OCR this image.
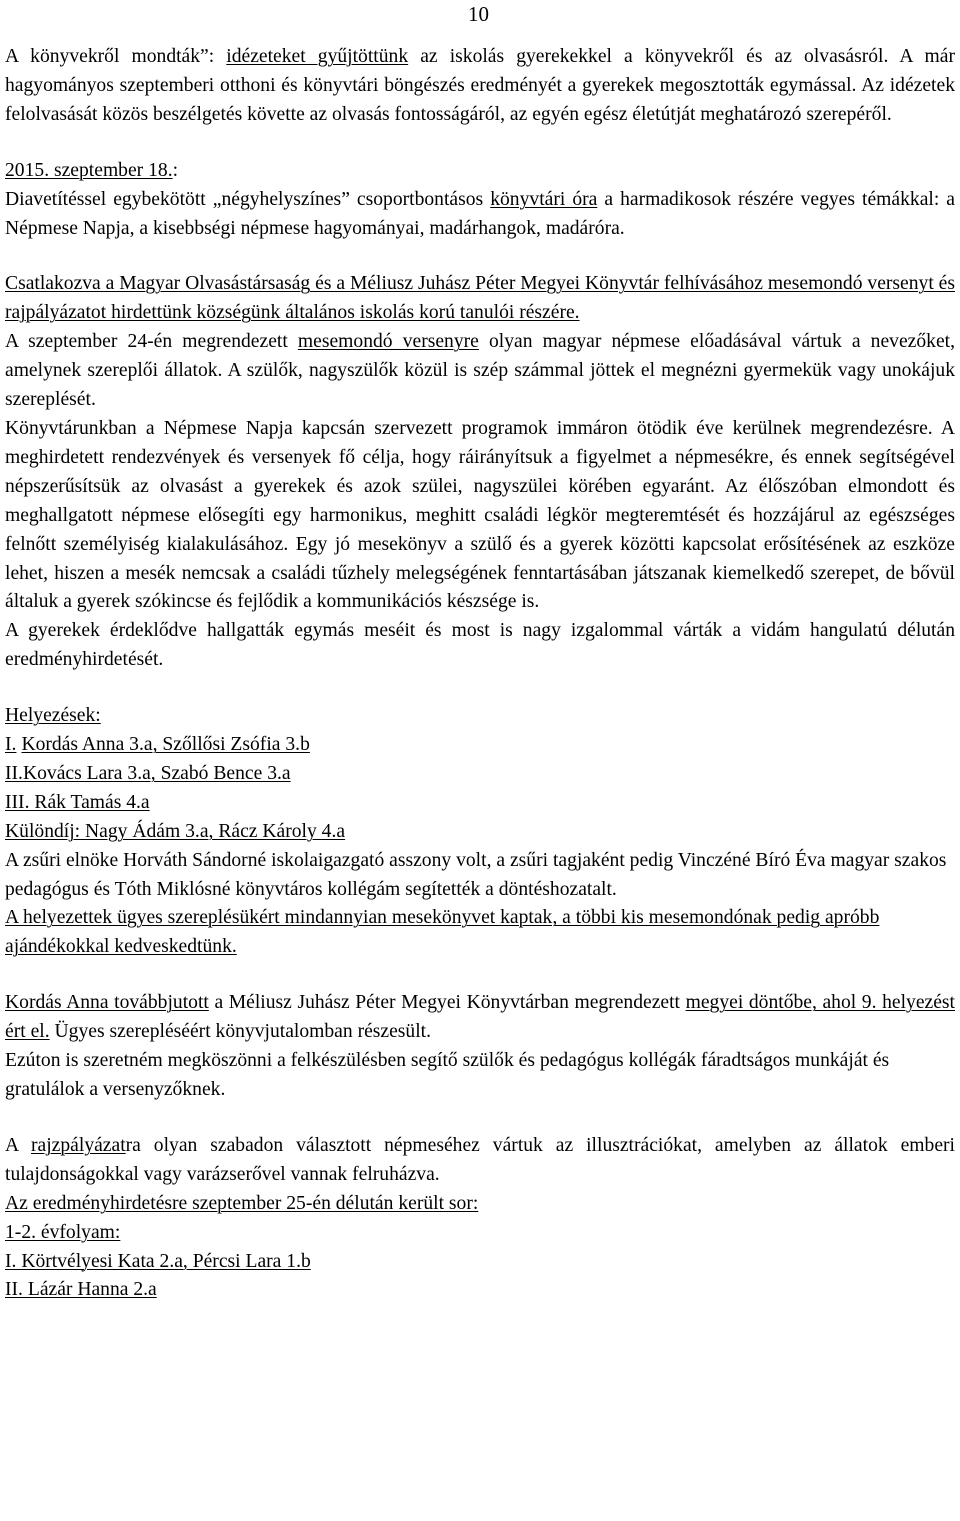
10

A könyvekről mondták”: idézeteket gyűjtöttünk az iskolás gyerekekkel a könyvekről és az olvasásról. A már hagyományos szeptemberi otthoni és könyvtári böngészés eredményét a gyerekek megosztották egymással. Az idézetek felolvasását közös beszélgetés követte az olvasás fontosságáról, az egyén egész életútját meghatározó szerepéről.

2015. szeptember 18.:

Diavetítéssel egybekötött „négyhelyszínes” csoportbontásos könyvtári óra a harmadikosok részére vegyes témákkal: a Népmese Napja, a kisebbségi népmese hagyományai, madárhangok, madáróra.

Csatlakozva a Magyar Olvasástársaság és a Méliusz Juhász Péter Megyei Könyvtár felhívásához mesemondó versenyt és rajpályázatot hirdettünk községünk általános iskolás korú tanulói részére.

A szeptember 24-én megrendezett mesemondó versenyre olyan magyar népmese előadásával vártuk a nevezőket, amelynek szereplői állatok. A szülők, nagyszülők közül is szép számmal jöttek el megnézni gyermekük vagy unokájuk szereplését.

Könyvtárunkban a Népmese Napja kapcsán szervezett programok immáron ötödik éve kerülnek megrendezésre. A meghirdetett rendezvények és versenyek fő célja, hogy ráirányítsuk a figyelmet a népmesékre, és ennek segítségével népszerűsítsük az olvasást a gyerekek és azok szülei, nagyszülei körében egyaránt. Az élőszóban elmondott és meghallgatott népmese elősegíti egy harmonikus, meghitt családi légkör megteremtését és hozzájárul az egészséges felnőtt személyiség kialakulásához. Egy jó mesekönyv a szülő és a gyerek közötti kapcsolat erősítésének az eszköze lehet, hiszen a mesék nemcsak a családi tűzhely melegségének fenntartásában játszanak kiemelkedő szerepet, de bővül általuk a gyerek szókincse és fejlődik a kommunikációs készsége is.

A gyerekek érdeklődve hallgatták egymás meséit és most is nagy izgalommal várták a vidám hangulatú délután eredményhirdetését.

Helyezések:

I. Kordás Anna 3.a, Szőllősi Zsófia 3.b

II.Kovács Lara 3.a, Szabó Bence 3.a

III. Rák Tamás 4.a

Különdíj: Nagy Ádám 3.a, Rácz Károly 4.a

A zsűri elnöke Horváth Sándorné iskolaigazgató asszony volt, a zsűri tagjaként pedig Vinczéné Bíró Éva magyar szakos pedagógus és Tóth Miklósné könyvtáros kollégám segítették a döntéshozatalt.

A helyezettek ügyes szereplésükért mindannyian mesekönyvet kaptak, a többi kis mesemondónak pedig apróbb ajándékokkal kedveskedtünk.

Kordás Anna továbbjutott a Méliusz Juhász Péter Megyei Könyvtárban megrendezett megyei döntőbe, ahol 9. helyezést ért el. Ügyes szerepléséért könyvjutalomban részesült.

Ezúton is szeretném megköszönni a felkészülésben segítő szülők és pedagógus kollégák fáradtságos munkáját és gratulálok a versenyzőknek.

A rajzpályázatra olyan szabadon választott népmeséhez vártuk az illusztrációkat, amelyben az állatok emberi tulajdonságokkal vagy varázserővel vannak felruházva.

Az eredményhirdetésre szeptember 25-én délután került sor:

1-2. évfolyam:

I. Körtvélyesi Kata 2.a, Pércsi Lara 1.b

II. Lázár Hanna 2.a
